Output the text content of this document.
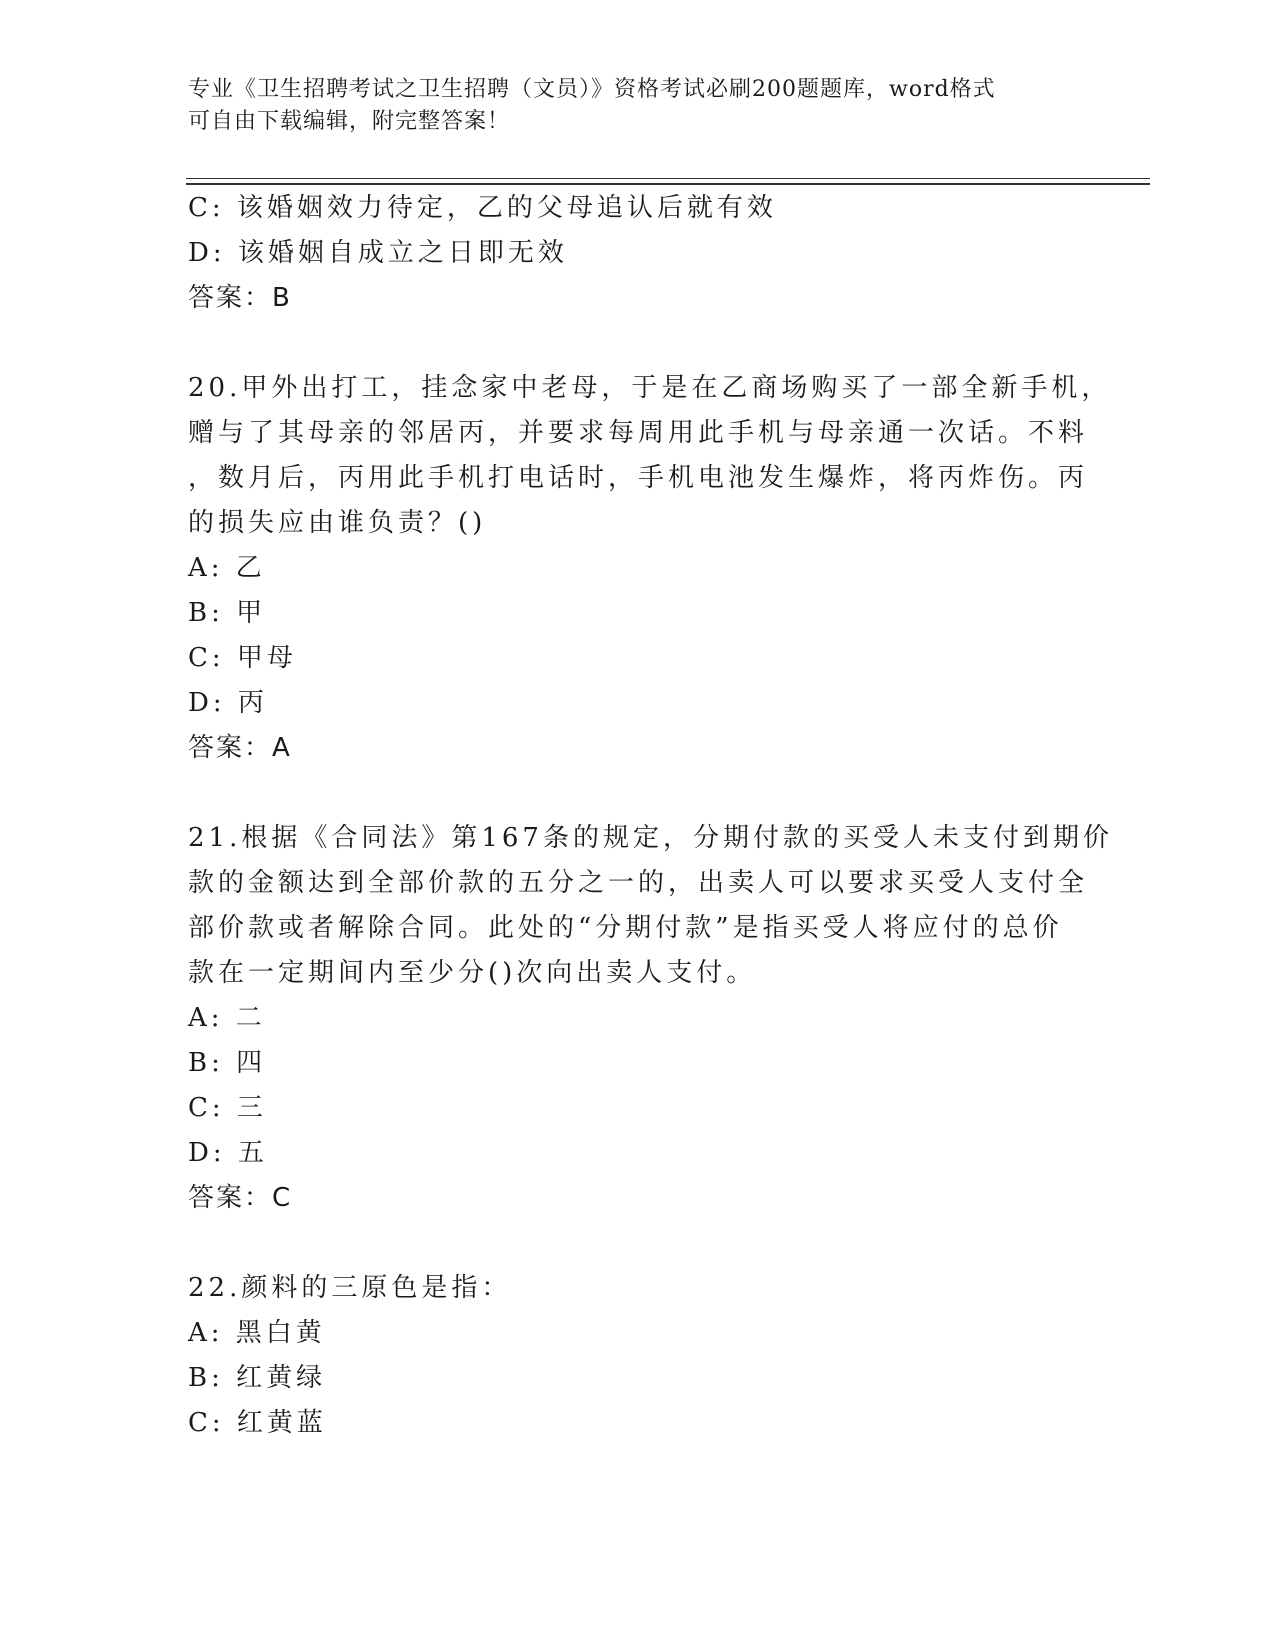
专业《卫生招聘考试之卫生招聘（文员）》资格考试必刷200题题库，word格式
可自由下载编辑，附完整答案！
C: 该婚姻效力待定，乙的父母追认后就有效
D: 该婚姻自成立之日即无效
答案：B
20.甲外出打工，挂念家中老母，于是在乙商场购买了一部全新手机，
赠与了其母亲的邻居丙，并要求每周用此手机与母亲通一次话。不料
，数月后，丙用此手机打电话时，手机电池发生爆炸，将丙炸伤。丙
的损失应由谁负责？()
A: 乙
B: 甲
C: 甲母
D: 丙
答案：A
21.根据《合同法》第167条的规定，分期付款的买受人未支付到期价
款的金额达到全部价款的五分之一的，出卖人可以要求买受人支付全
部价款或者解除合同。此处的“分期付款”是指买受人将应付的总价
款在一定期间内至少分()次向出卖人支付。
A: 二
B: 四
C: 三
D: 五
答案：C
22.颜料的三原色是指：
A: 黑白黄
B: 红黄绿
C: 红黄蓝
